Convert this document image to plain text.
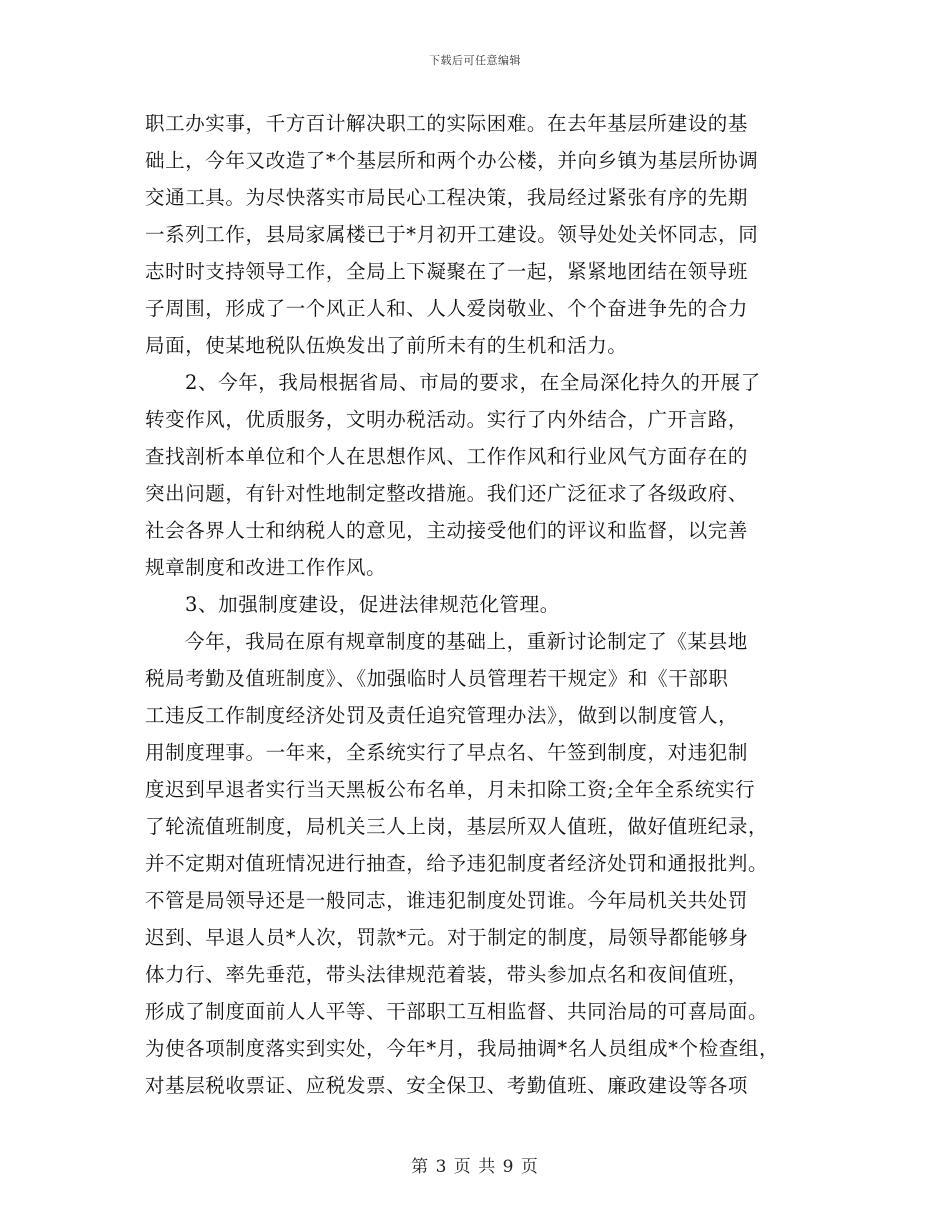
下载后可任意编辑
职工办实事，千方百计解决职工的实际困难。在去年基层所建设的基
础上，今年又改造了*个基层所和两个办公楼，并向乡镇为基层所协调
交通工具。为尽快落实市局民心工程决策，我局经过紧张有序的先期
一系列工作，县局家属楼已于*月初开工建设。领导处处关怀同志，同
志时时支持领导工作，全局上下凝聚在了一起，紧紧地团结在领导班
子周围，形成了一个风正人和、人人爱岗敬业、个个奋进争先的合力
局面，使某地税队伍焕发出了前所未有的生机和活力。
2、今年，我局根据省局、市局的要求，在全局深化持久的开展了
转变作风，优质服务，文明办税活动。实行了内外结合，广开言路，
查找剖析本单位和个人在思想作风、工作作风和行业风气方面存在的
突出问题，有针对性地制定整改措施。我们还广泛征求了各级政府、
社会各界人士和纳税人的意见，主动接受他们的评议和监督，以完善
规章制度和改进工作作风。
3、加强制度建设，促进法律规范化管理。
今年，我局在原有规章制度的基础上，重新讨论制定了《某县地
税局考勤及值班制度》、《加强临时人员管理若干规定》和《干部职
工违反工作制度经济处罚及责任追究管理办法》，做到以制度管人，
用制度理事。一年来，全系统实行了早点名、午签到制度，对违犯制
度迟到早退者实行当天黑板公布名单，月未扣除工资;全年全系统实行
了轮流值班制度，局机关三人上岗，基层所双人值班，做好值班纪录，
并不定期对值班情况进行抽查，给予违犯制度者经济处罚和通报批判。
不管是局领导还是一般同志，谁违犯制度处罚谁。今年局机关共处罚
迟到、早退人员*人次，罚款*元。对于制定的制度，局领导都能够身
体力行、率先垂范，带头法律规范着装，带头参加点名和夜间值班，
形成了制度面前人人平等、干部职工互相监督、共同治局的可喜局面。
为使各项制度落实到实处，今年*月，我局抽调*名人员组成*个检查组，
对基层税收票证、应税发票、安全保卫、考勤值班、廉政建设等各项
第 3 页 共 9 页
